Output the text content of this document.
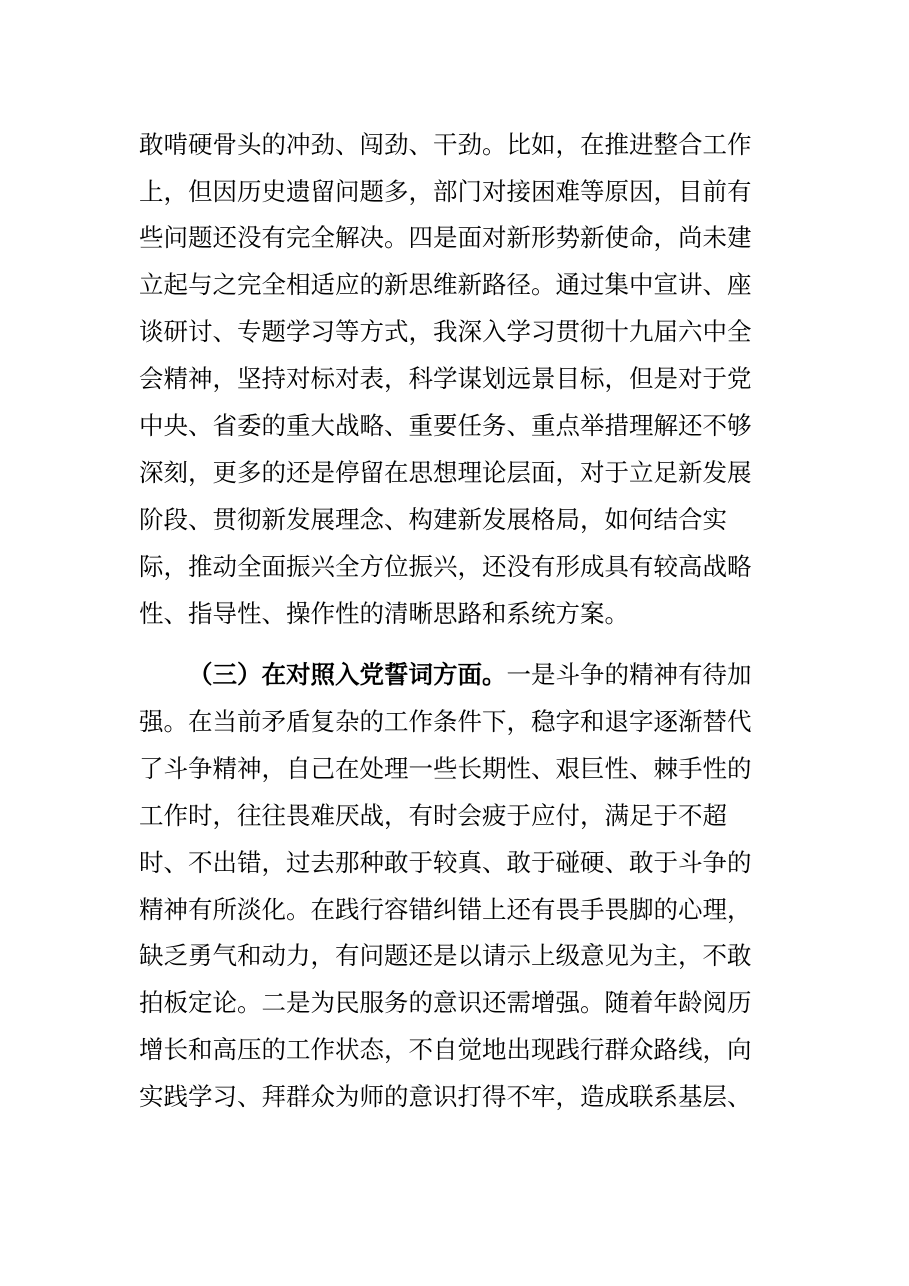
敢啃硬骨头的冲劲、闯劲、干劲。比如，在推进整合工作
上，但因历史遗留问题多，部门对接困难等原因，目前有
些问题还没有完全解决。四是面对新形势新使命，尚未建
立起与之完全相适应的新思维新路径。通过集中宣讲、座
谈研讨、专题学习等方式，我深入学习贯彻十九届六中全
会精神，坚持对标对表，科学谋划远景目标，但是对于党
中央、省委的重大战略、重要任务、重点举措理解还不够
深刻，更多的还是停留在思想理论层面，对于立足新发展
阶段、贯彻新发展理念、构建新发展格局，如何结合实
际，推动全面振兴全方位振兴，还没有形成具有较高战略
性、指导性、操作性的清晰思路和系统方案。
（三）在对照入党誓词方面。一是斗争的精神有待加
强。在当前矛盾复杂的工作条件下，稳字和退字逐渐替代
了斗争精神，自己在处理一些长期性、艰巨性、棘手性的
工作时，往往畏难厌战，有时会疲于应付，满足于不超
时、不出错，过去那种敢于较真、敢于碰硬、敢于斗争的
精神有所淡化。在践行容错纠错上还有畏手畏脚的心理，
缺乏勇气和动力，有问题还是以请示上级意见为主，不敢
拍板定论。二是为民服务的意识还需增强。随着年龄阅历
增长和高压的工作状态，不自觉地出现践行群众路线，向
实践学习、拜群众为师的意识打得不牢，造成联系基层、
